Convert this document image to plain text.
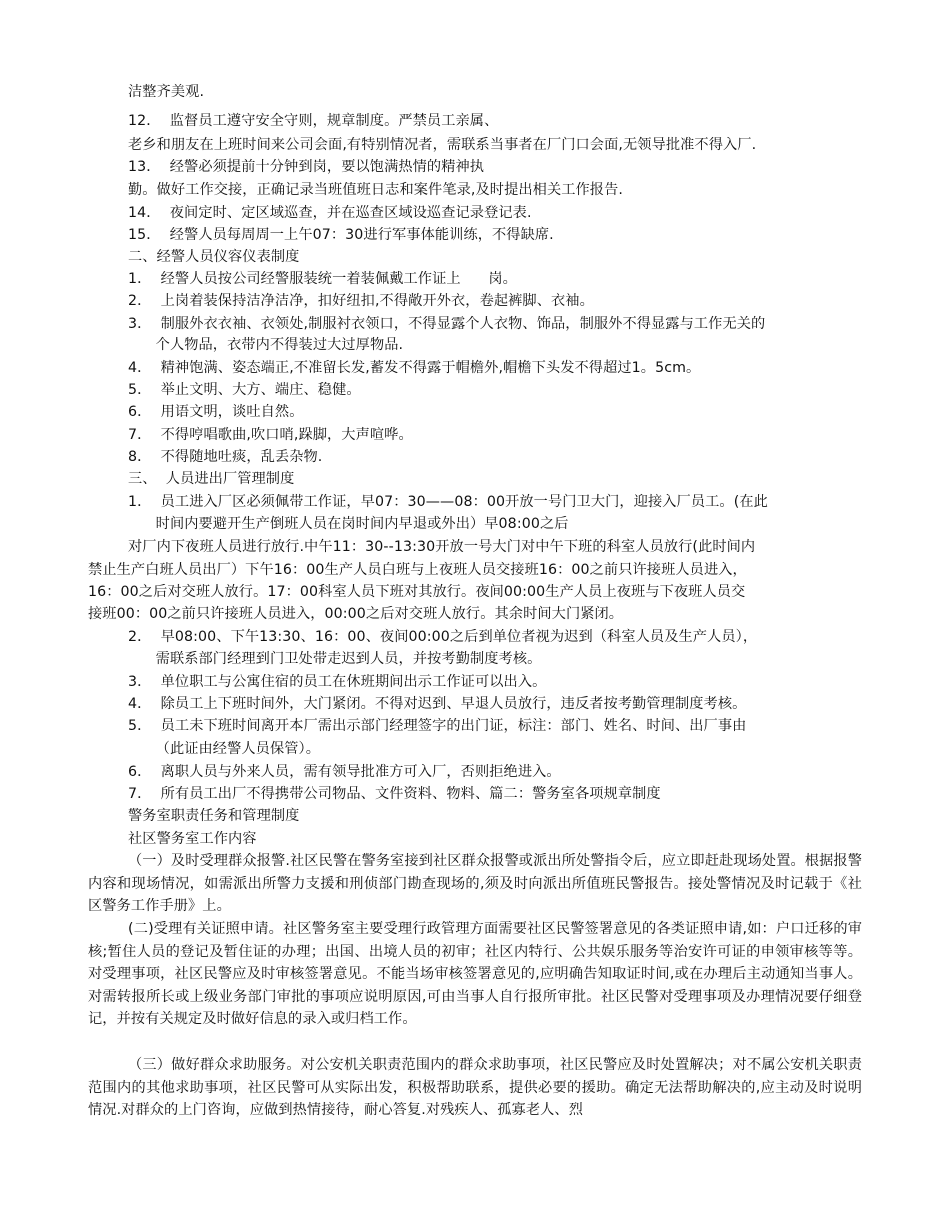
洁整齐美观.
12．  监督员工遵守安全守则，规章制度。严禁员工亲属、
老乡和朋友在上班时间来公司会面,有特别情况者，需联系当事者在厂门口会面,无领导批准不得入厂.
13．  经警必须提前十分钟到岗，要以饱满热情的精神执
勤。做好工作交接，正确记录当班值班日志和案件笔录,及时提出相关工作报告.
14．  夜间定时、定区域巡查，并在巡查区域设巡查记录登记表.
15．  经警人员每周周一上午07：30进行军事体能训练，不得缺席.
二、经警人员仪容仪表制度
1．  经警人员按公司经警服装统一着装佩戴工作证上      岗。
2．  上岗着装保持洁净洁净，扣好纽扣,不得敞开外衣，卷起裤脚、衣袖。
3．  制服外衣衣袖、衣领处,制服衬衣领口，不得显露个人衣物、饰品，制服外不得显露与工作无关的
个人物品，衣带内不得装过大过厚物品.
4．  精神饱满、姿态端正,不准留长发,蓄发不得露于帽檐外,帽檐下头发不得超过1。5cm。
5．  举止文明、大方、端庄、稳健。
6．  用语文明，谈吐自然。
7．  不得哼唱歌曲,吹口哨,跺脚，大声喧哗。
8．  不得随地吐痰，乱丢杂物.
三、  人员进出厂管理制度
1．  员工进入厂区必须佩带工作证，早07：30——08：00开放一号门卫大门，迎接入厂员工。(在此
时间内要避开生产倒班人员在岗时间内早退或外出）早08:00之后
对厂内下夜班人员进行放行.中午11：30--13:30开放一号大门对中午下班的科室人员放行(此时间内
禁止生产白班人员出厂）下午16：00生产人员白班与上夜班人员交接班16：00之前只许接班人员进入，
16：00之后对交班人放行。17：00科室人员下班对其放行。夜间00:00生产人员上夜班与下夜班人员交
接班00：00之前只许接班人员进入，00:00之后对交班人放行。其余时间大门紧闭。
2．  早08:00、下午13:30、16：00、夜间00:00之后到单位者视为迟到（科室人员及生产人员），
需联系部门经理到门卫处带走迟到人员，并按考勤制度考核。
3．  单位职工与公寓住宿的员工在休班期间出示工作证可以出入。
4．  除员工上下班时间外，大门紧闭。不得对迟到、早退人员放行，违反者按考勤管理制度考核。
5．  员工未下班时间离开本厂需出示部门经理签字的出门证，标注：部门、姓名、时间、出厂事由
（此证由经警人员保管）。
6．  离职人员与外来人员，需有领导批准方可入厂，否则拒绝进入。
7．  所有员工出厂不得携带公司物品、文件资料、物料、篇二：警务室各项规章制度
警务室职责任务和管理制度
社区警务室工作内容
（一）及时受理群众报警.社区民警在警务室接到社区群众报警或派出所处警指令后，应立即赶赴现场处置。根据报警内容和现场情况，如需派出所警力支援和刑侦部门勘查现场的,须及时向派出所值班民警报告。接处警情况及时记载于《社区警务工作手册》上。
(二)受理有关证照申请。社区警务室主要受理行政管理方面需要社区民警签署意见的各类证照申请,如：户口迁移的审核;暂住人员的登记及暂住证的办理；出国、出境人员的初审；社区内特行、公共娱乐服务等治安许可证的申领审核等等。对受理事项，社区民警应及时审核签署意见。不能当场审核签署意见的,应明确告知取证时间,或在办理后主动通知当事人。对需转报所长或上级业务部门审批的事项应说明原因,可由当事人自行报所审批。社区民警对受理事项及办理情况要仔细登记，并按有关规定及时做好信息的录入或归档工作。
（三）做好群众求助服务。对公安机关职责范围内的群众求助事项，社区民警应及时处置解决；对不属公安机关职责范围内的其他求助事项，社区民警可从实际出发，积极帮助联系，提供必要的援助。确定无法帮助解决的,应主动及时说明情况.对群众的上门咨询，应做到热情接待，耐心答复.对残疾人、孤寡老人、烈
